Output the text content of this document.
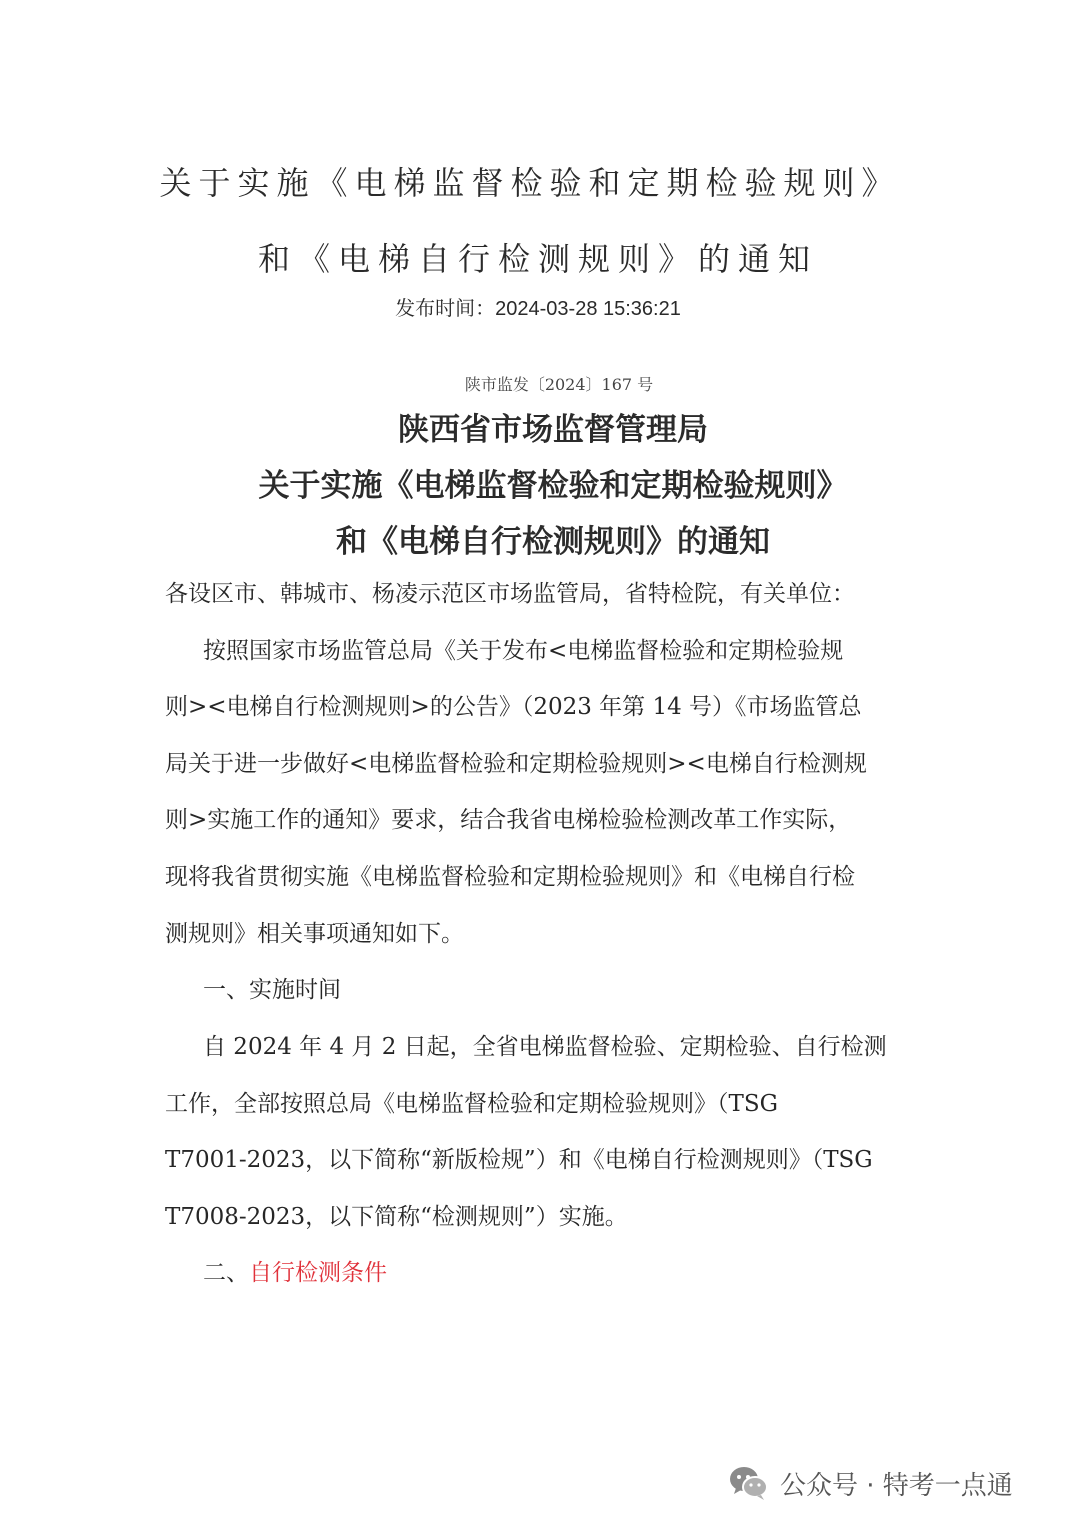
关于实施《电梯监督检验和定期检验规则》
和《电梯自行检测规则》的通知
发布时间：2024-03-28 15:36:21
陕市监发〔2024〕167 号
陕西省市场监督管理局
关于实施《电梯监督检验和定期检验规则》
和《电梯自行检测规则》的通知
各设区市、韩城市、杨凌示范区市场监管局，省特检院，有关单位：
按照国家市场监管总局《关于发布<电梯监督检验和定期检验规
则><电梯自行检测规则>的公告》（2023 年第 14 号）《市场监管总
局关于进一步做好<电梯监督检验和定期检验规则><电梯自行检测规
则>实施工作的通知》要求，结合我省电梯检验检测改革工作实际，
现将我省贯彻实施《电梯监督检验和定期检验规则》和《电梯自行检
测规则》相关事项通知如下。
一、实施时间
自 2024 年 4 月 2 日起，全省电梯监督检验、定期检验、自行检测
工作，全部按照总局《电梯监督检验和定期检验规则》（TSG
T7001-2023，以下简称“新版检规”）和《电梯自行检测规则》（TSG
T7008-2023，以下简称“检测规则”）实施。
二、自行检测条件
公众号 · 特考一点通
